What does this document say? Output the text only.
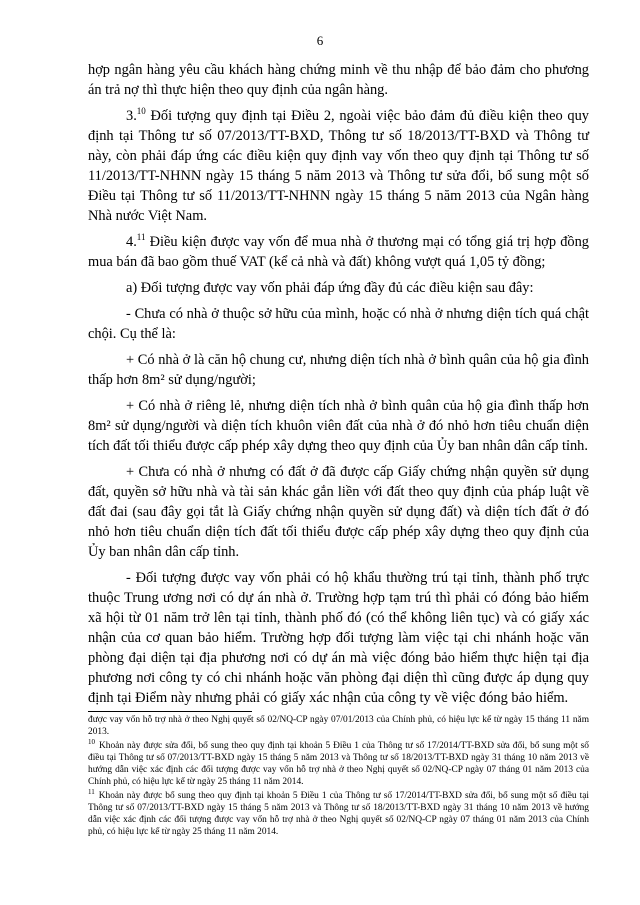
6

hợp ngân hàng yêu cầu khách hàng chứng minh về thu nhập để bảo đảm cho phương án trả nợ thì thực hiện theo quy định của ngân hàng.

3.10 Đối tượng quy định tại Điều 2, ngoài việc bảo đảm đủ điều kiện theo quy định tại Thông tư số 07/2013/TT-BXD, Thông tư số 18/2013/TT-BXD và Thông tư này, còn phải đáp ứng các điều kiện quy định vay vốn theo quy định tại Thông tư số 11/2013/TT-NHNN ngày 15 tháng 5 năm 2013 và Thông tư sửa đổi, bổ sung một số Điều tại Thông tư số 11/2013/TT-NHNN ngày 15 tháng 5 năm 2013 của Ngân hàng Nhà nước Việt Nam.

4.11 Điều kiện được vay vốn để mua nhà ở thương mại có tổng giá trị hợp đồng mua bán đã bao gồm thuế VAT (kể cả nhà và đất) không vượt quá 1,05 tỷ đồng;

a) Đối tượng được vay vốn phải đáp ứng đầy đủ các điều kiện sau đây:

- Chưa có nhà ở thuộc sở hữu của mình, hoặc có nhà ở nhưng diện tích quá chật chội. Cụ thể là:

+ Có nhà ở là căn hộ chung cư, nhưng diện tích nhà ở bình quân của hộ gia đình thấp hơn 8m² sử dụng/người;

+ Có nhà ở riêng lẻ, nhưng diện tích nhà ở bình quân của hộ gia đình thấp hơn 8m² sử dụng/người và diện tích khuôn viên đất của nhà ở đó nhỏ hơn tiêu chuẩn diện tích đất tối thiểu được cấp phép xây dựng theo quy định của Ủy ban nhân dân cấp tỉnh.

+ Chưa có nhà ở nhưng có đất ở đã được cấp Giấy chứng nhận quyền sử dụng đất, quyền sở hữu nhà và tài sản khác gắn liền với đất theo quy định của pháp luật về đất đai (sau đây gọi tắt là Giấy chứng nhận quyền sử dụng đất) và diện tích đất ở đó nhỏ hơn tiêu chuẩn diện tích đất tối thiểu được cấp phép xây dựng theo quy định của Ủy ban nhân dân cấp tỉnh.

- Đối tượng được vay vốn phải có hộ khẩu thường trú tại tỉnh, thành phố trực thuộc Trung ương nơi có dự án nhà ở. Trường hợp tạm trú thì phải có đóng bảo hiểm xã hội từ 01 năm trở lên tại tỉnh, thành phố đó (có thể không liên tục) và có giấy xác nhận của cơ quan bảo hiểm. Trường hợp đối tượng làm việc tại chi nhánh hoặc văn phòng đại diện tại địa phương nơi có dự án mà việc đóng bảo hiểm thực hiện tại địa phương nơi công ty có chi nhánh hoặc văn phòng đại diện thì cũng được áp dụng quy định tại Điểm này nhưng phải có giấy xác nhận của công ty về việc đóng bảo hiểm.

được vay vốn hỗ trợ nhà ở theo Nghị quyết số 02/NQ-CP ngày 07/01/2013 của Chính phủ, có hiệu lực kể từ ngày 15 tháng 11 năm 2013.

$^{10}$ Khoản này được sửa đổi, bổ sung theo quy định tại khoản 5 Điều 1 của Thông tư số 17/2014/TT-BXD sửa đổi, bổ sung một số điều tại Thông tư số 07/2013/TT-BXD ngày 15 tháng 5 năm 2013 và Thông tư số 18/2013/TT-BXD ngày 31 tháng 10 năm 2013 về hướng dẫn việc xác định các đối tượng được vay vốn hỗ trợ nhà ở theo Nghị quyết số 02/NQ-CP ngày 07 tháng 01 năm 2013 của Chính phủ, có hiệu lực kể từ ngày 25 tháng 11 năm 2014.

$^{11}$ Khoản này được bổ sung theo quy định tại khoản 5 Điều 1 của Thông tư số 17/2014/TT-BXD sửa đổi, bổ sung một số điều tại Thông tư số 07/2013/TT-BXD ngày 15 tháng 5 năm 2013 và Thông tư số 18/2013/TT-BXD ngày 31 tháng 10 năm 2013 về hướng dẫn việc xác định các đối tượng được vay vốn hỗ trợ nhà ở theo Nghị quyết số 02/NQ-CP ngày 07 tháng 01 năm 2013 của Chính phủ, có hiệu lực kể từ ngày 25 tháng 11 năm 2014.
